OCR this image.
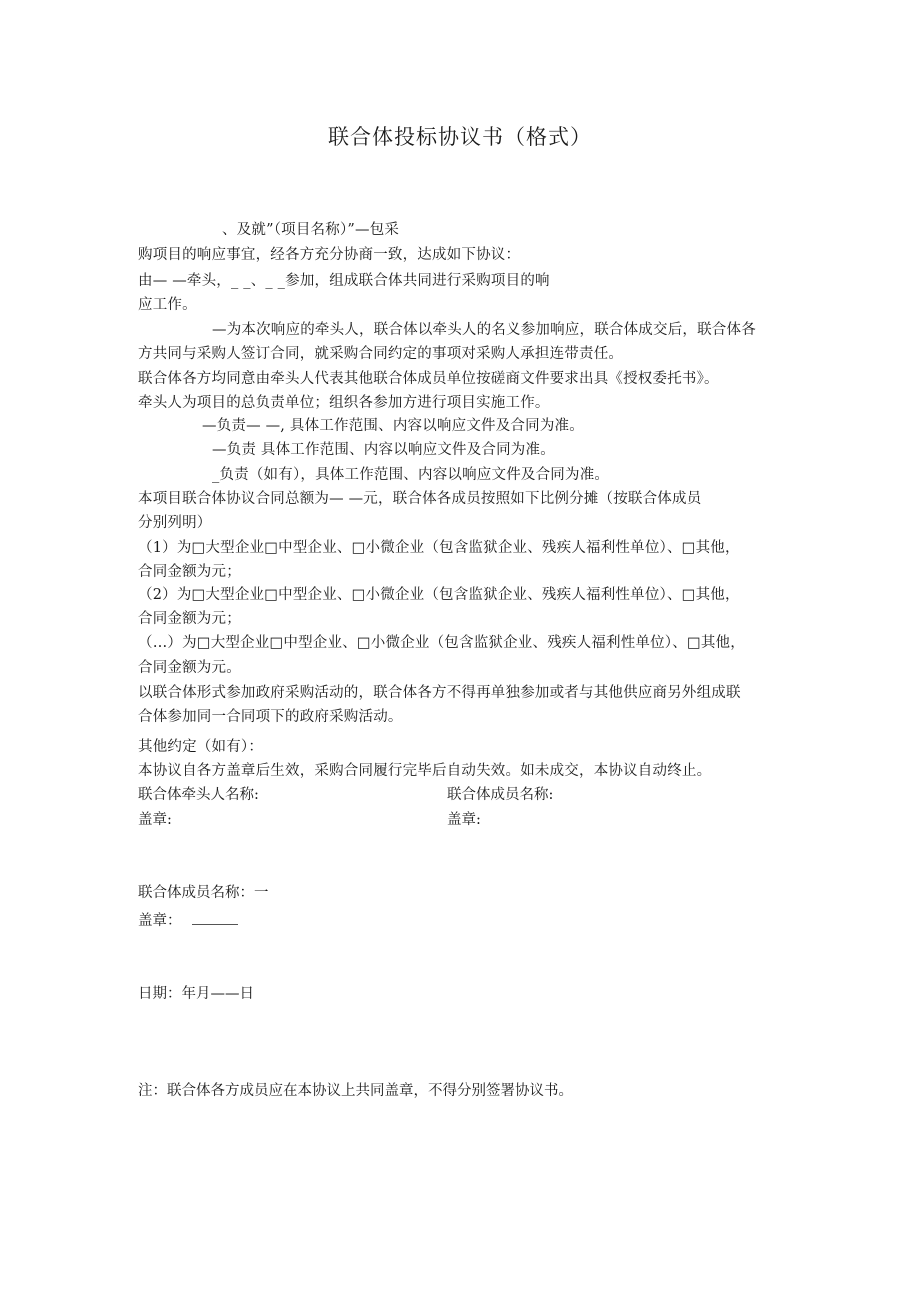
联合体投标协议书（格式）
、及就”（项目名称）”—包采
购项目的响应事宜，经各方充分协商一致，达成如下协议：
由— —牵头，_ _、_ _参加，组成联合体共同进行采购项目的响
应工作。
—为本次响应的牵头人，联合体以牵头人的名义参加响应，联合体成交后，联合体各
方共同与采购人签订合同，就采购合同约定的事项对采购人承担连带责任。
联合体各方均同意由牵头人代表其他联合体成员单位按磋商文件要求出具《授权委托书》。
牵头人为项目的总负责单位；组织各参加方进行项目实施工作。
—负责— —, 具体工作范围、内容以响应文件及合同为准。
—负责 具体工作范围、内容以响应文件及合同为准。
_负责（如有），具体工作范围、内容以响应文件及合同为准。
本项目联合体协议合同总额为— —元，联合体各成员按照如下比例分摊（按联合体成员
分别列明）
（1）为□大型企业□中型企业、□小微企业（包含监狱企业、残疾人福利性单位）、□其他，
合同金额为元；
（2）为□大型企业□中型企业、□小微企业（包含监狱企业、残疾人福利性单位）、□其他，
合同金额为元；
（…）为□大型企业□中型企业、□小微企业（包含监狱企业、残疾人福利性单位）、□其他，
合同金额为元。
以联合体形式参加政府采购活动的，联合体各方不得再单独参加或者与其他供应商另外组成联
合体参加同一合同项下的政府采购活动。
其他约定（如有）：
本协议自各方盖章后生效，采购合同履行完毕后自动失效。如未成交，本协议自动终止。
联合体牵头人名称:	联合体成员名称:
盖章:	盖章:
联合体成员名称：一
盖章：
日期：年月——日
注：联合体各方成员应在本协议上共同盖章，不得分别签署协议书。
